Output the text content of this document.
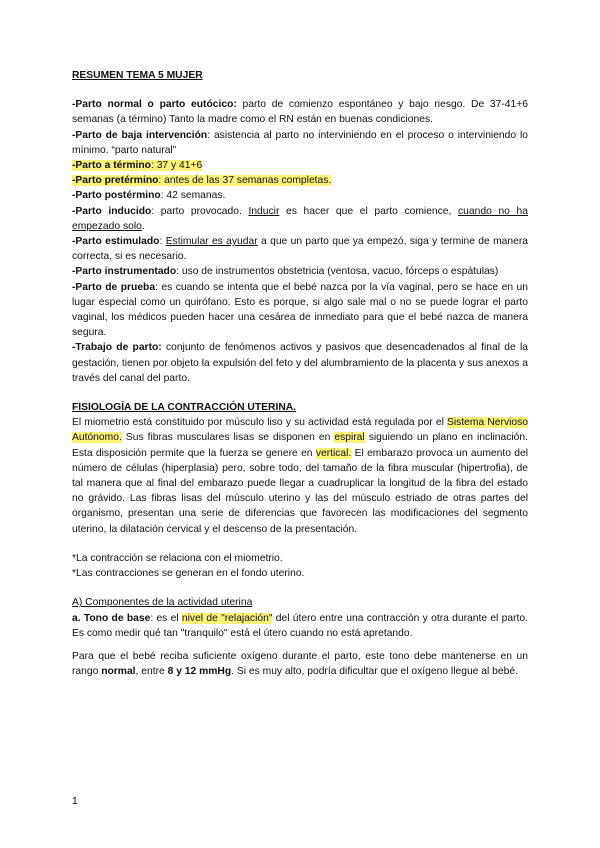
RESUMEN TEMA 5 MUJER

-Parto normal o parto eutócico: parto de comienzo espontáneo y bajo riesgo. De 37-41+6 semanas (a término) Tanto la madre como el RN están en buenas condiciones.

-Parto de baja intervención: asistencia al parto no interviniendo en el proceso o interviniendo lo mínimo. “parto natural”

-Parto a término: 37 y 41+6

-Parto pretérmino: antes de las 37 semanas completas.

-Parto postérmino: 42 semanas.

-Parto inducido: parto provocado. Inducir es hacer que el parto comience, cuando no ha empezado solo.

-Parto estimulado: Estimular es ayudar a que un parto que ya empezó, siga y termine de manera correcta, si es necesario.

-Parto instrumentado: uso de instrumentos obstetricia (ventosa, vacuo, fórceps o espátulas)

-Parto de prueba: es cuando se intenta que el bebé nazca por la vía vaginal, pero se hace en un lugar especial como un quirófano. Esto es porque, si algo sale mal o no se puede lograr el parto vaginal, los médicos pueden hacer una cesárea de inmediato para que el bebé nazca de manera segura.

-Trabajo de parto: conjunto de fenómenos activos y pasivos que desencadenados al final de la gestación, tienen por objeto la expulsión del feto y del alumbramiento de la placenta y sus anexos a través del canal del parto.

FISIOLOGÍA DE LA CONTRACCIÓN UTERINA.

El miometrio está constituido por músculo liso y su actividad está regulada por el Sistema Nervioso Autónomo. Sus fibras musculares lisas se disponen en espiral siguiendo un plano en inclinación. Esta disposición permite que la fuerza se genere en vertical. El embarazo provoca un aumento del número de células (hiperplasia) pero, sobre todo, del tamaño de la fibra muscular (hipertrofia), de tal manera que al final del embarazo puede llegar a cuadruplicar la longitud de la fibra del estado no grávido. Las fibras lisas del músculo uterino y las del músculo estriado de otras partes del organismo, presentan una serie de diferencias que favorecen las modificaciones del segmento uterino, la dilatación cervical y el descenso de la presentación.

*La contracción se relaciona con el miometrio.

*Las contracciones se generan en el fondo uterino.

A) Componentes de la actividad uterina

a. Tono de base: es el nivel de "relajación" del útero entre una contracción y otra durante el parto. Es como medir qué tan "tranquilo" está el útero cuando no está apretando.

Para que el bebé reciba suficiente oxígeno durante el parto, este tono debe mantenerse en un rango normal, entre 8 y 12 mmHg. Si es muy alto, podría dificultar que el oxígeno llegue al bebé.

1
